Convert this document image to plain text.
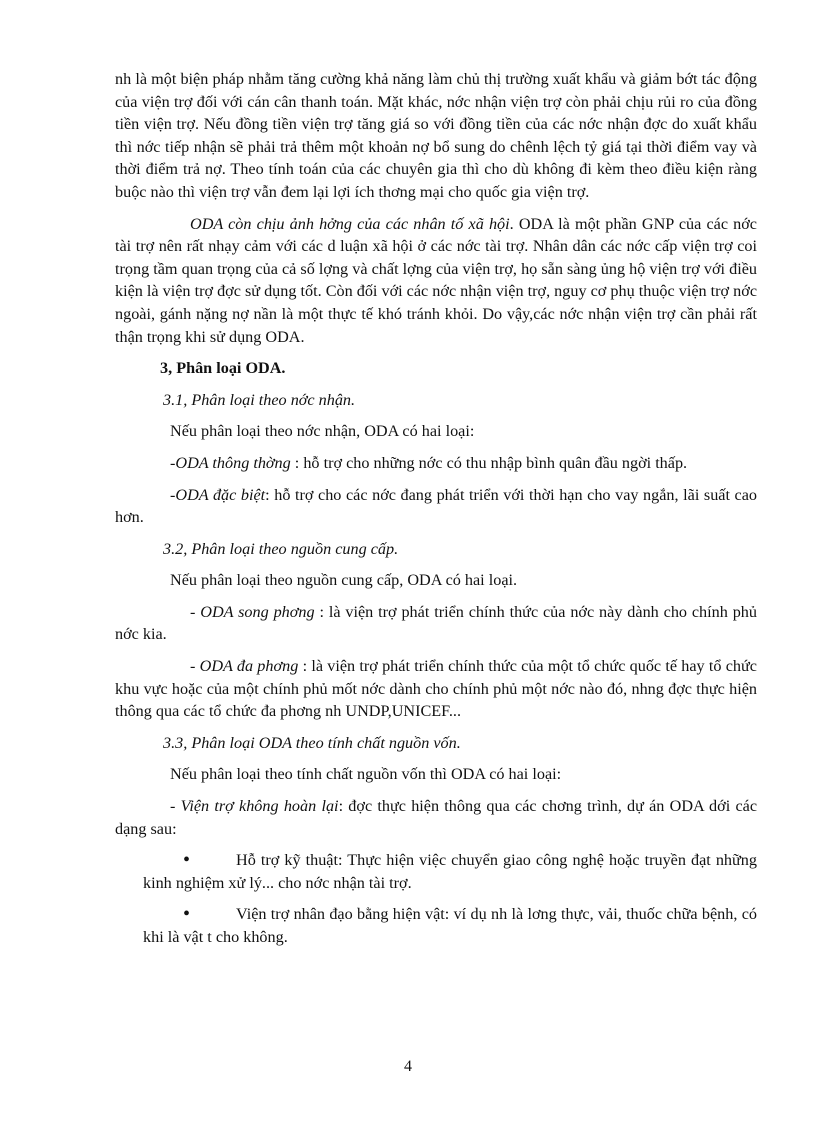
nh là một biện pháp nhằm tăng cường khả năng làm chủ thị trường xuất khẩu và giảm bớt tác động của viện trợ đối với cán cân thanh toán. Mặt khác, nớc nhận viện trợ còn phải chịu rủi ro của đồng tiền viện trợ. Nếu đồng tiền viện trợ tăng giá so với đồng tiền của các nớc nhận đợc do xuất khẩu thì nớc tiếp nhận sẽ phải trả thêm một khoản nợ bổ sung do chênh lệch tỷ giá tại thời điểm vay và thời điểm trả nợ. Theo tính toán của các chuyên gia thì cho dù không đi kèm theo điều kiện ràng buộc nào thì viện trợ vẫn đem lại lợi ích thơng mại cho quốc gia viện trợ.

ODA còn chịu ảnh hởng của các nhân tố xã hội. ODA là một phần GNP của các nớc tài trợ nên rất nhạy cảm với các d luận xã hội ở các nớc tài trợ. Nhân dân các nớc cấp viện trợ coi trọng tầm quan trọng của cả số lợng và chất lợng của viện trợ, họ sẵn sàng ủng hộ viện trợ với điều kiện là viện trợ đợc sử dụng tốt. Còn đối với các nớc nhận viện trợ, nguy cơ phụ thuộc viện trợ nớc ngoài, gánh nặng nợ nần là một thực tế khó tránh khỏi. Do vậy,các nớc nhận viện trợ cần phải rất thận trọng khi sử dụng ODA.

3, Phân loại ODA.

3.1, Phân loại theo nớc nhận.

Nếu phân loại theo nớc nhận, ODA có hai loại:

-ODA thông thờng : hỗ trợ cho những nớc có thu nhập bình quân đầu ngời thấp.

-ODA đặc biệt: hỗ trợ cho các nớc đang phát triển với thời hạn cho vay ngắn, lãi suất cao hơn.

3.2, Phân loại theo nguồn cung cấp.

Nếu phân loại theo nguồn cung cấp, ODA có hai loại.

- ODA song phơng : là viện trợ phát triển chính thức của nớc này dành cho chính phủ nớc kia.

- ODA đa phơng : là viện trợ phát triển chính thức của một tổ chức quốc tế hay tổ chức khu vực hoặc của một chính phủ mốt nớc dành cho chính phủ một nớc nào đó, nhng đợc thực hiện thông qua các tổ chức đa phơng nh UNDP,UNICEF...

3.3, Phân loại ODA theo tính chất nguồn vốn.

Nếu phân loại theo tính chất nguồn vốn thì ODA có hai loại:

- Viện trợ không hoàn lại: đợc thực hiện thông qua các chơng trình, dự án ODA dới các dạng sau:

•	Hỗ trợ kỹ thuật: Thực hiện việc chuyển giao công nghệ hoặc truyền đạt những kinh nghiệm xử lý... cho nớc nhận tài trợ.

•	Viện trợ nhân đạo bằng hiện vật: ví dụ nh là lơng thực, vải, thuốc chữa bệnh, có khi là vật t cho không.

4
